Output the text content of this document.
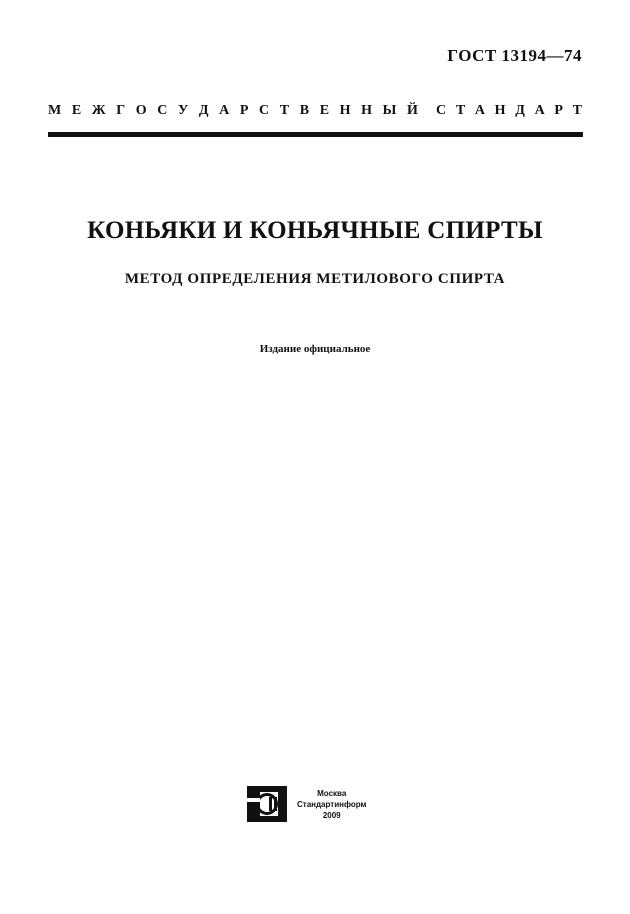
ГОСТ 13194—74
М Е Ж Г О С У Д А Р С Т В Е Н Н Ы Й С Т А Н Д А Р Т
КОНЬЯКИ И КОНЬЯЧНЫЕ СПИРТЫ
МЕТОД ОПРЕДЕЛЕНИЯ МЕТИЛОВОГО СПИРТА
Издание официальное
Москва
Стандартинформ
2009
